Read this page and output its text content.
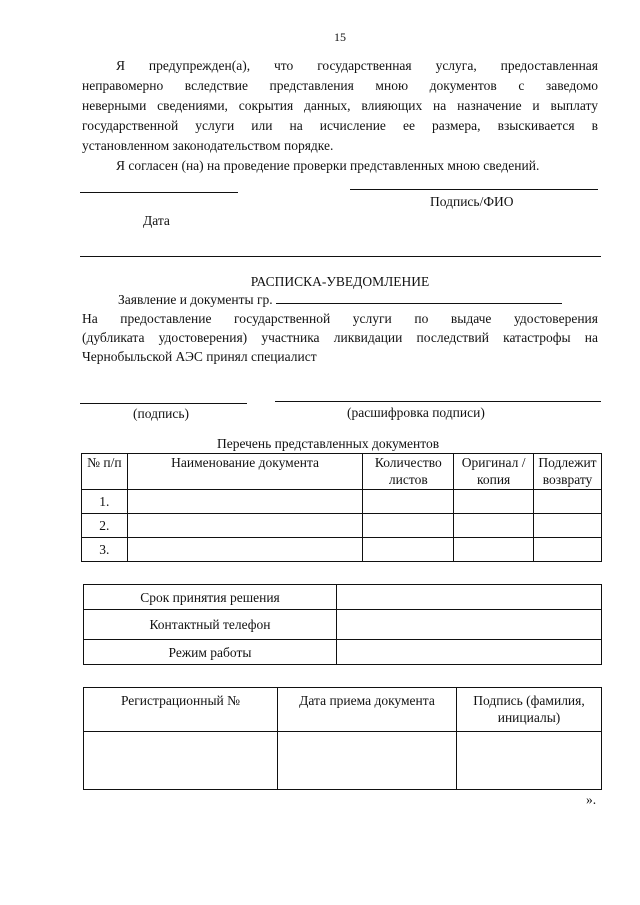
15
Я предупрежден(а), что государственная услуга, предоставленная
неправомерно вследствие представления мною документов с заведомо
неверными сведениями, сокрытия данных, влияющих на назначение и выплату
государственной услуги или на исчисление ее размера, взыскивается в
установленном законодательством порядке.
Я согласен (на) на проведение проверки представленных мною сведений.
Подпись/ФИО
Дата
РАСПИСКА-УВЕДОМЛЕНИЕ
Заявление и документы гр.
На предоставление государственной услуги по выдаче удостоверения
(дубликата удостоверения) участника ликвидации последствий катастрофы на
Чернобыльской АЭС принял специалист
(подпись)	(расшифровка подписи)
Перечень представленных документов
№ п/п	Наименование документа	Количество листов	Оригинал /копия	Подлежит возврату
1.				
2.				
3.				
Срок принятия решения	
Контактный телефон	
Режим работы	
Регистрационный №	Дата приема документа	Подпись (фамилия, инициалы)

».
